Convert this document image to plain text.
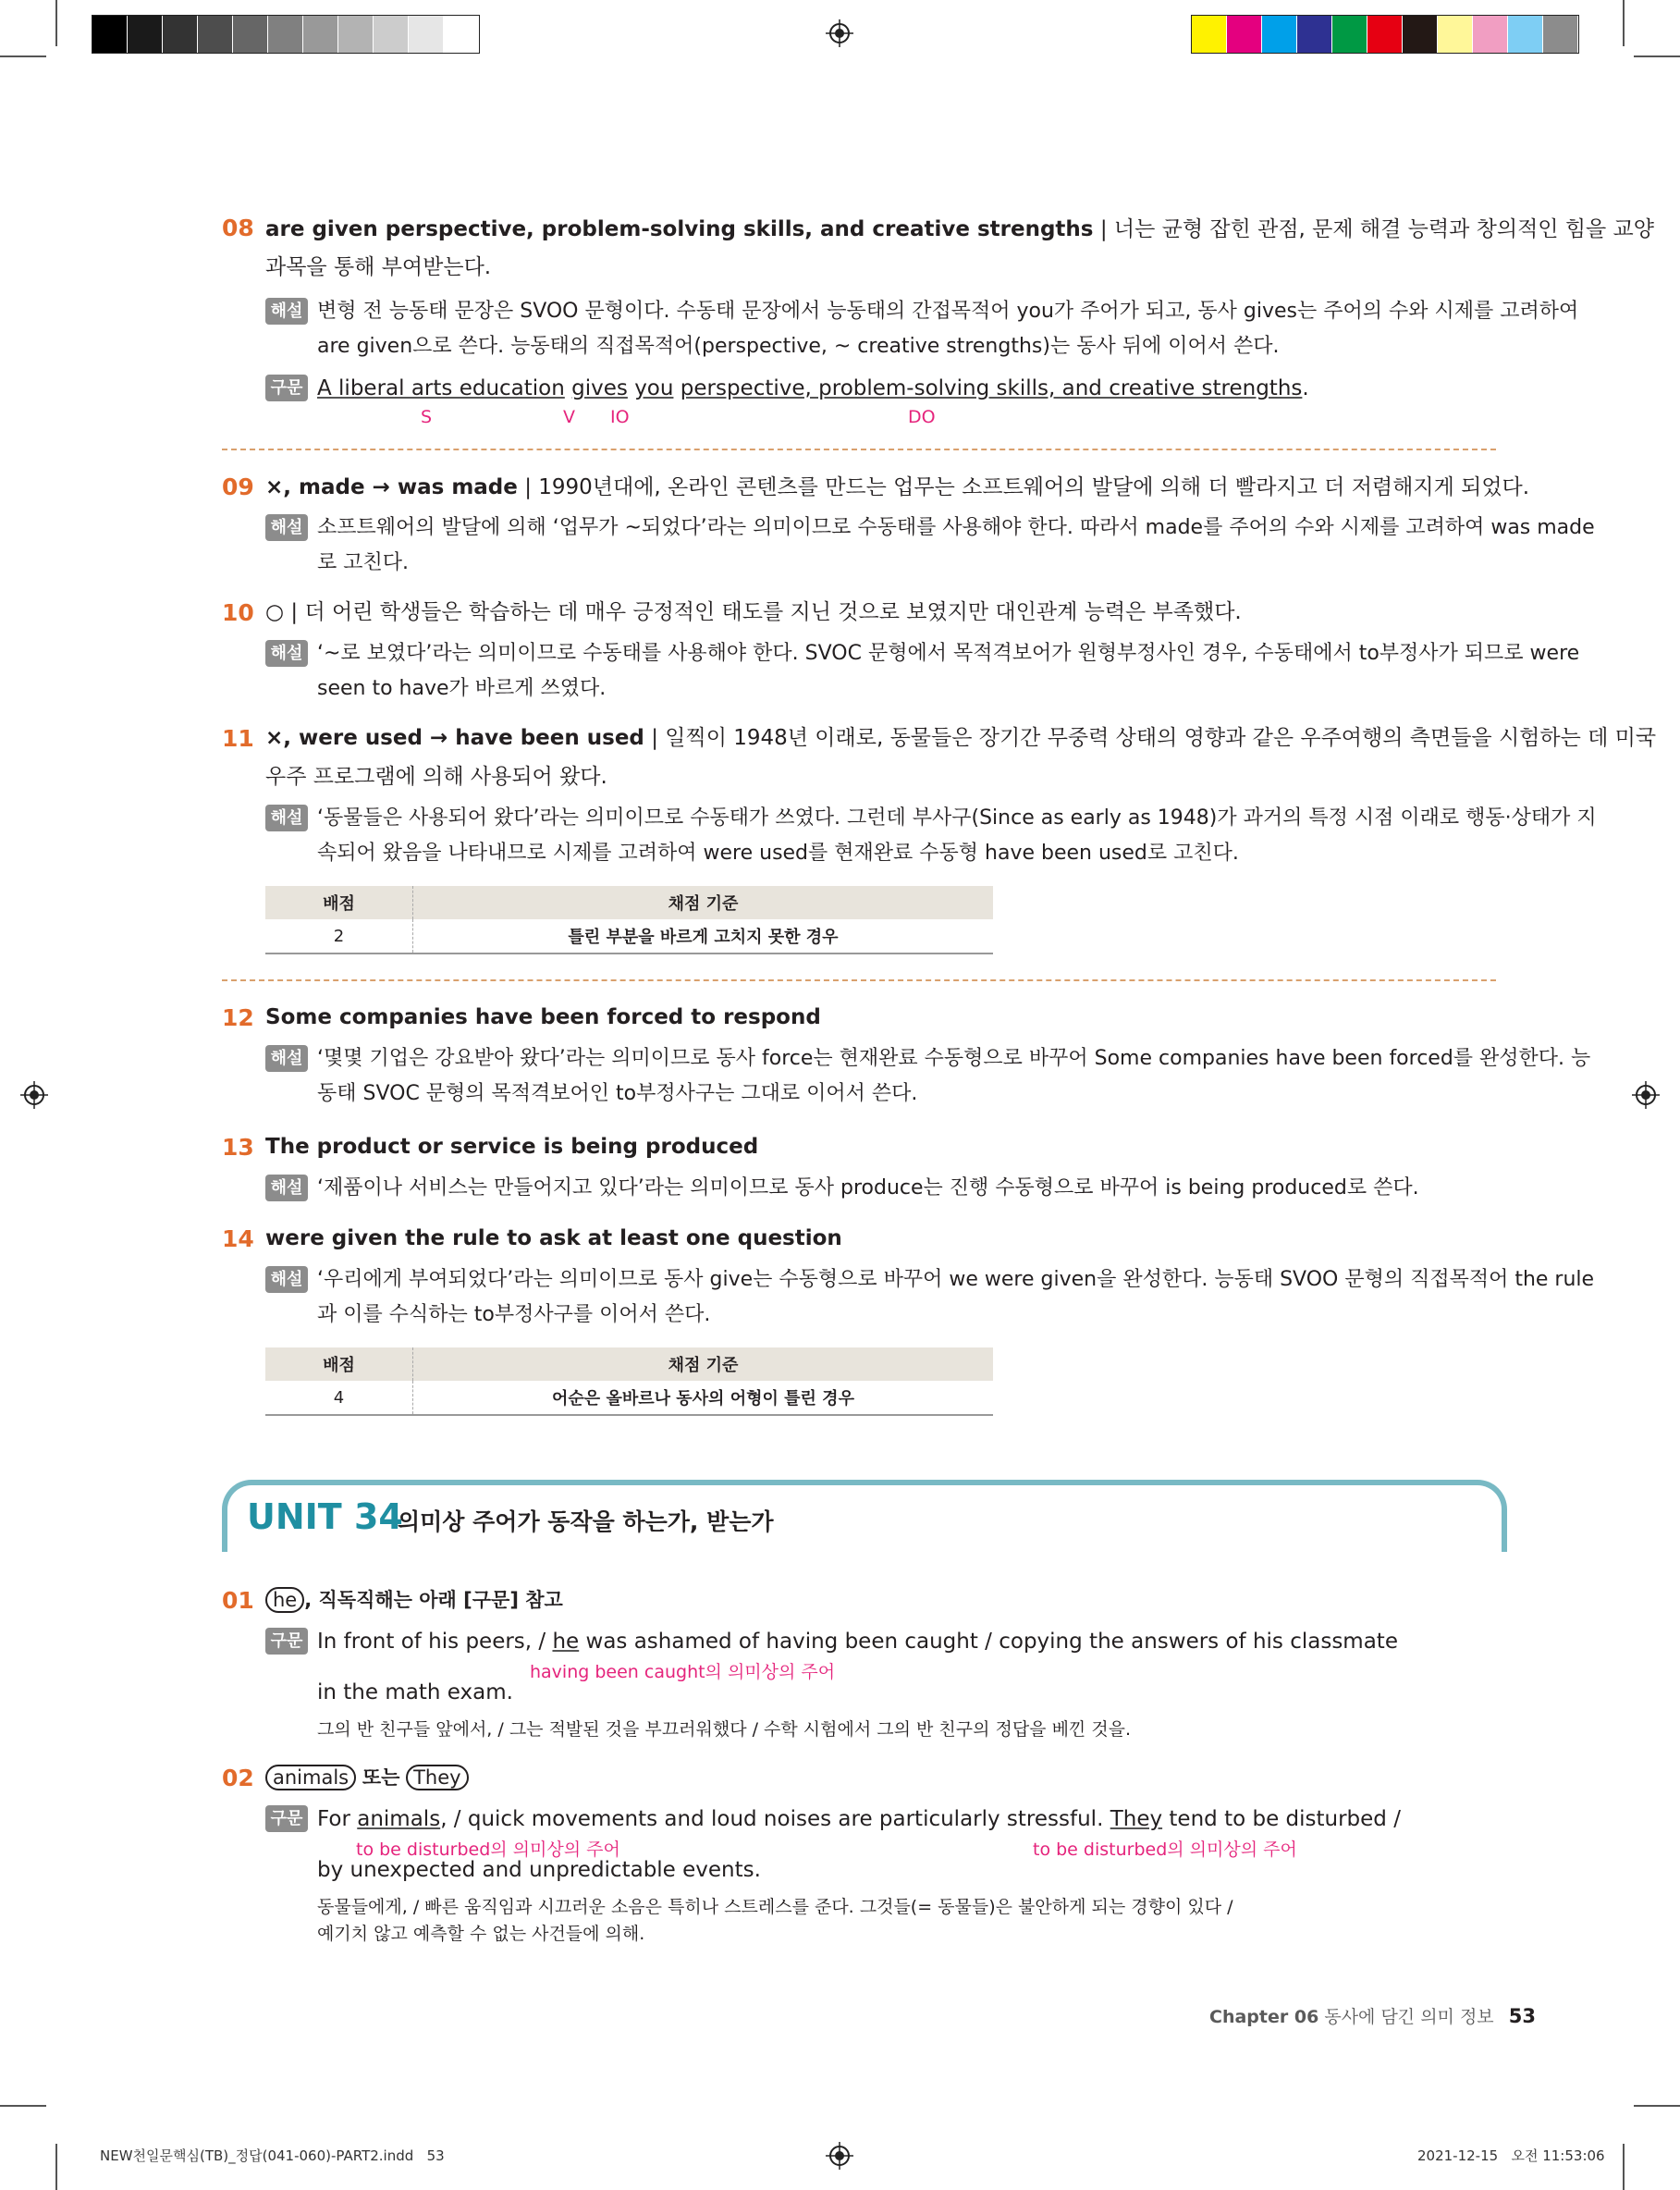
08 are given perspective, problem-solving skills, and creative strengths | 너는 균형 잡힌 관점, 문제 해결 능력과 창의적인 힘을 교양
과목을 통해 부여받는다.
해설 변형 전 능동태 문장은 SVOO 문형이다. 수동태 문장에서 능동태의 간접목적어 you가 주어가 되고, 동사 gives는 주어의 수와 시제를 고려하여
are given으로 쓴다. 능동태의 직접목적어(perspective, ~ creative strengths)는 동사 뒤에 이어서 쓴다.
구문 A liberal arts education gives you perspective, problem-solving skills, and creative strengths.
S	V IO	DO
09 ×, made → was made | 1990년대에, 온라인 콘텐츠를 만드는 업무는 소프트웨어의 발달에 의해 더 빨라지고 더 저렴해지게 되었다.
해설 소프트웨어의 발달에 의해 ‘업무가 ~되었다’라는 의미이므로 수동태를 사용해야 한다. 따라서 made를 주어의 수와 시제를 고려하여 was made
로 고친다.
10 ○ | 더 어린 학생들은 학습하는 데 매우 긍정적인 태도를 지닌 것으로 보였지만 대인관계 능력은 부족했다.
해설 ‘~로 보였다’라는 의미이므로 수동태를 사용해야 한다. SVOC 문형에서 목적격보어가 원형부정사인 경우, 수동태에서 to부정사가 되므로 were
seen to have가 바르게 쓰였다.
11 ×, were used → have been used | 일찍이 1948년 이래로, 동물들은 장기간 무중력 상태의 영향과 같은 우주여행의 측면들을 시험하는 데 미국
우주 프로그램에 의해 사용되어 왔다.
해설 ‘동물들은 사용되어 왔다’라는 의미이므로 수동태가 쓰였다. 그런데 부사구(Since as early as 1948)가 과거의 특정 시점 이래로 행동·상태가 지
속되어 왔음을 나타내므로 시제를 고려하여 were used를 현재완료 수동형 have been used로 고친다.
배점	채점 기준
2	틀린 부분을 바르게 고치지 못한 경우
12 Some companies have been forced to respond
해설 ‘몇몇 기업은 강요받아 왔다’라는 의미이므로 동사 force는 현재완료 수동형으로 바꾸어 Some companies have been forced를 완성한다. 능
동태 SVOC 문형의 목적격보어인 to부정사구는 그대로 이어서 쓴다.
13 The product or service is being produced
해설 ‘제품이나 서비스는 만들어지고 있다’라는 의미이므로 동사 produce는 진행 수동형으로 바꾸어 is being produced로 쓴다.
14 were given the rule to ask at least one question
해설 ‘우리에게 부여되었다’라는 의미이므로 동사 give는 수동형으로 바꾸어 we were given을 완성한다. 능동태 SVOO 문형의 직접목적어 the rule
과 이를 수식하는 to부정사구를 이어서 쓴다.
배점	채점 기준
4	어순은 올바르나 동사의 어형이 틀린 경우
UNIT 34
의미상 주어가 동작을 하는가, 받는가
01 he , 직독직해는 아래 [구문] 참고
구문 In front of his peers, / he was ashamed of having been caught / copying the answers of his classmate
having been caught의 의미상의 주어
in the math exam.
그의 반 친구들 앞에서, / 그는 적발된 것을 부끄러워했다 / 수학 시험에서 그의 반 친구의 정답을 베낀 것을.
02 animals 또는 They
구문 For animals, / quick movements and loud noises are particularly stressful. They tend to be disturbed /
to be disturbed의 의미상의 주어	to be disturbed의 의미상의 주어
by unexpected and unpredictable events.
동물들에게, / 빠른 움직임과 시끄러운 소음은 특히나 스트레스를 준다. 그것들(= 동물들)은 불안하게 되는 경향이 있다 /
예기치 않고 예측할 수 없는 사건들에 의해.
Chapter 06 동사에 담긴 의미 정보 53
NEW천일문핵심(TB)_정답(041-060)-PART2.indd   53	2021-12-15   오전 11:53:06
